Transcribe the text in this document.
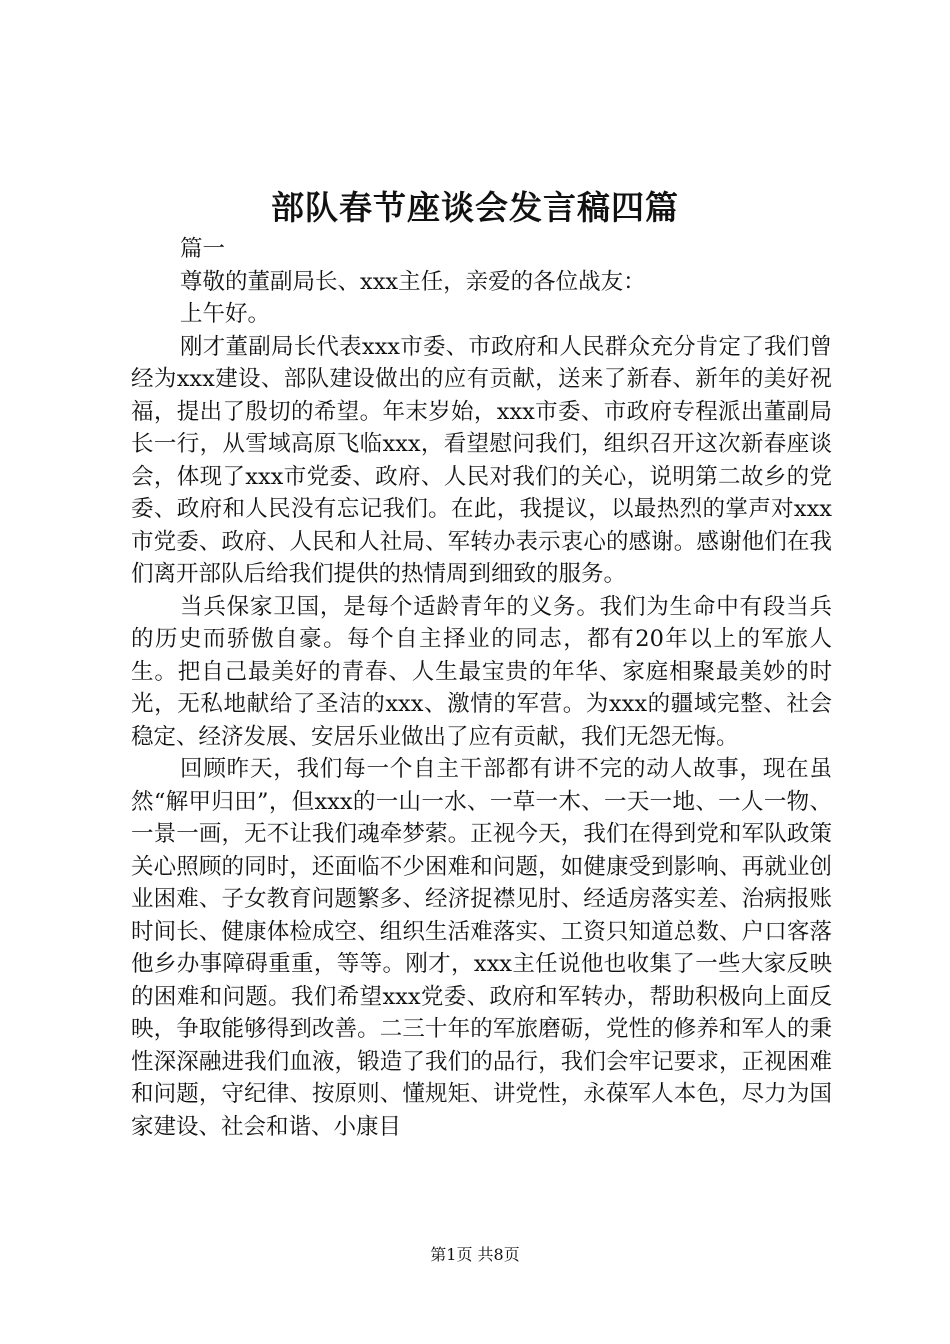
部队春节座谈会发言稿四篇

篇一

尊敬的董副局长、xxx主任，亲爱的各位战友：

上午好。

刚才董副局长代表xxx市委、市政府和人民群众充分肯定了我们曾经为xxx建设、部队建设做出的应有贡献，送来了新春、新年的美好祝福，提出了殷切的希望。年末岁始，xxx市委、市政府专程派出董副局长一行，从雪域高原飞临xxx，看望慰问我们，组织召开这次新春座谈会，体现了xxx市党委、政府、人民对我们的关心，说明第二故乡的党委、政府和人民没有忘记我们。在此，我提议，以最热烈的掌声对xxx市党委、政府、人民和人社局、军转办表示衷心的感谢。感谢他们在我们离开部队后给我们提供的热情周到细致的服务。

当兵保家卫国，是每个适龄青年的义务。我们为生命中有段当兵的历史而骄傲自豪。每个自主择业的同志，都有20年以上的军旅人生。把自己最美好的青春、人生最宝贵的年华、家庭相聚最美妙的时光，无私地献给了圣洁的xxx、激情的军营。为xxx的疆域完整、社会稳定、经济发展、安居乐业做出了应有贡献，我们无怨无悔。

回顾昨天，我们每一个自主干部都有讲不完的动人故事，现在虽然“解甲归田”，但xxx的一山一水、一草一木、一天一地、一人一物、一景一画，无不让我们魂牵梦萦。正视今天，我们在得到党和军队政策关心照顾的同时，还面临不少困难和问题，如健康受到影响、再就业创业困难、子女教育问题繁多、经济捉襟见肘、经适房落实差、治病报账时间长、健康体检成空、组织生活难落实、工资只知道总数、户口客落他乡办事障碍重重，等等。刚才，xxx主任说他也收集了一些大家反映的困难和问题。我们希望xxx党委、政府和军转办，帮助积极向上面反映，争取能够得到改善。二三十年的军旅磨砺，党性的修养和军人的秉性深深融进我们血液，锻造了我们的品行，我们会牢记要求，正视困难和问题，守纪律、按原则、懂规矩、讲党性，永葆军人本色，尽力为国家建设、社会和谐、小康目

第1页 共8页
